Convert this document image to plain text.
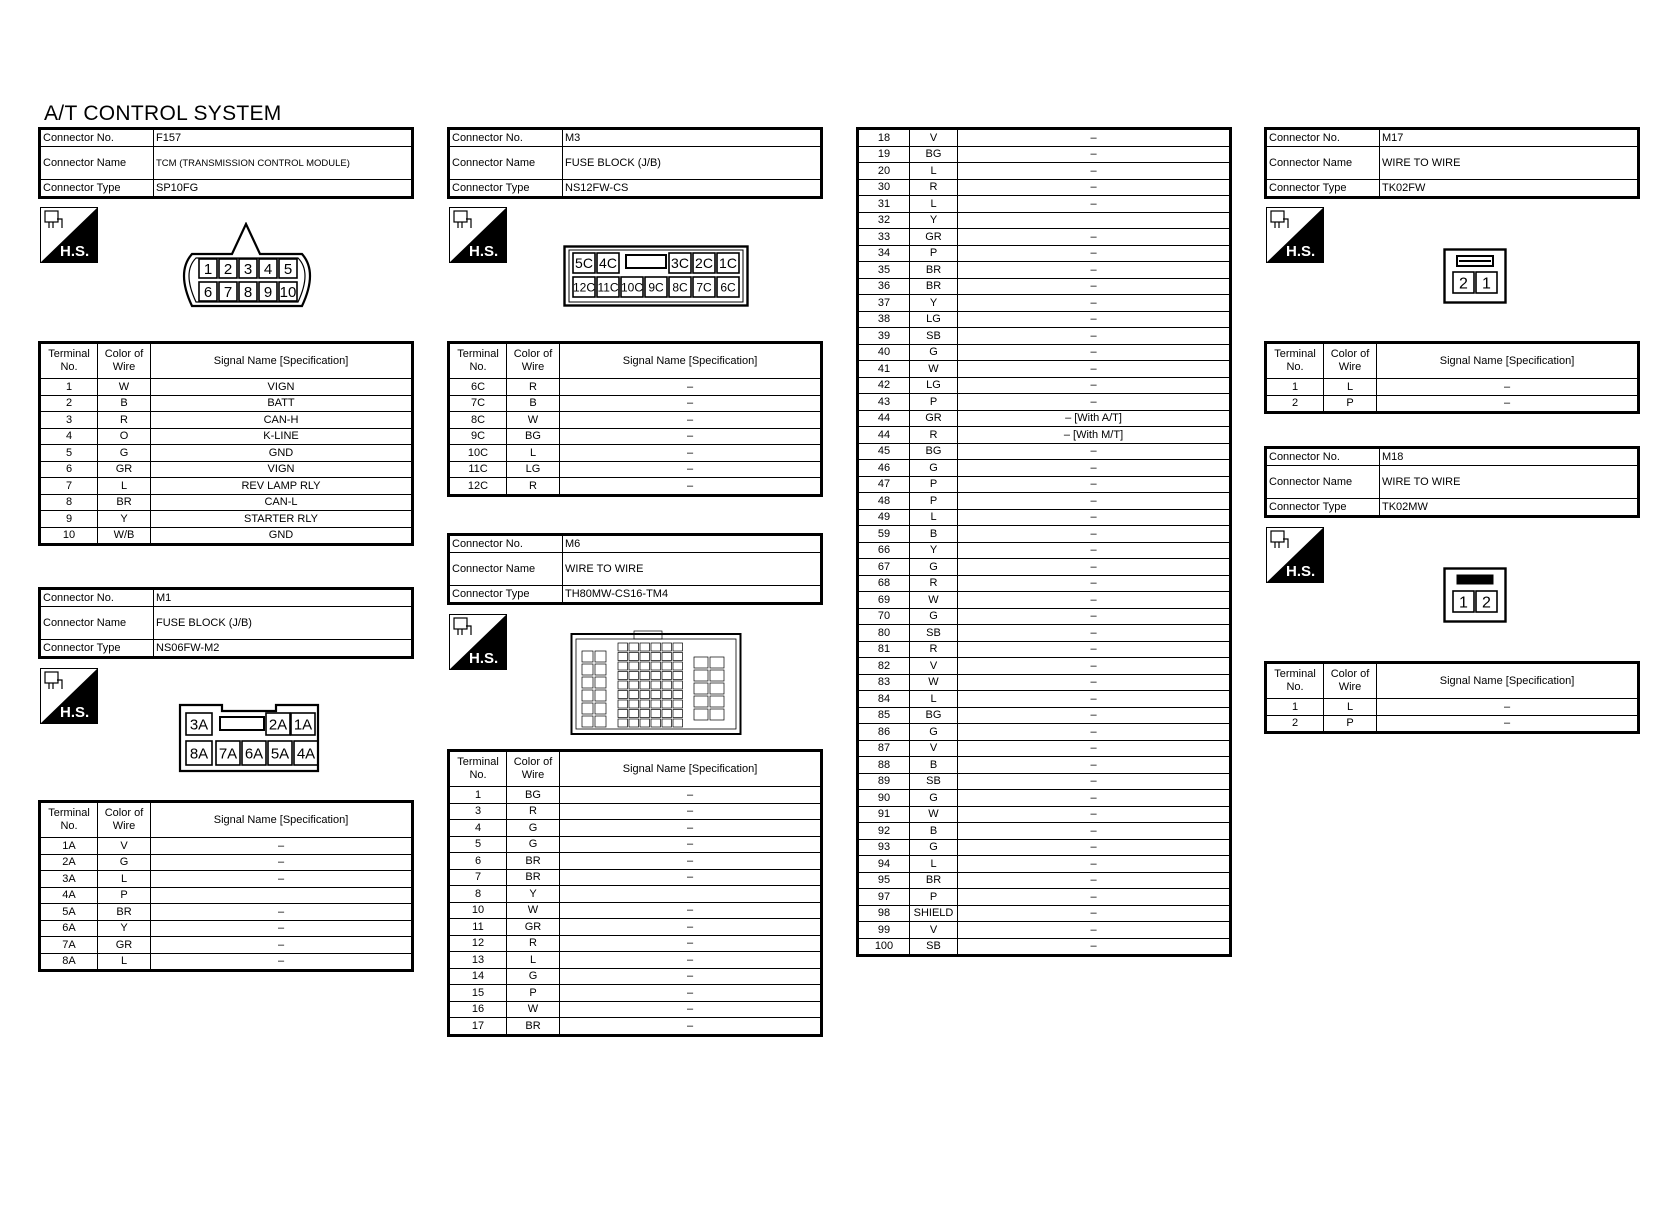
A/T CONTROL SYSTEM
Connector No.	F157
Connector Name	TCM (TRANSMISSION CONTROL MODULE)
Connector Type	SP10FG
H.S.
1 2 3 4 5
6 7 8 9 10
Terminal No.	Color of Wire	Signal Name [Specification]
1	W	VIGN
2	B	BATT
3	R	CAN-H
4	O	K-LINE
5	G	GND
6	GR	VIGN
7	L	REV LAMP RLY
8	BR	CAN-L
9	Y	STARTER RLY
10	W/B	GND
Connector No.	M1
Connector Name	FUSE BLOCK (J/B)
Connector Type	NS06FW-M2
H.S.
3A	2A 1A
8A 7A 6A 5A 4A
Terminal No.	Color of Wire	Signal Name [Specification]
1A	V	–
2A	G	–
3A	L	–
4A	P	
5A	BR	–
6A	Y	–
7A	GR	–
8A	L	–
Connector No.	M3
Connector Name	FUSE BLOCK (J/B)
Connector Type	NS12FW-CS
H.S.
5C 4C	3C 2C 1C
12C 11C 10C 9C 8C 7C 6C
Terminal No.	Color of Wire	Signal Name [Specification]
6C	R	–
7C	B	–
8C	W	–
9C	BG	–
10C	L	–
11C	LG	–
12C	R	–
Connector No.	M6
Connector Name	WIRE TO WIRE
Connector Type	TH80MW-CS16-TM4
H.S.
Terminal No.	Color of Wire	Signal Name [Specification]
1	BG	–
3	R	–
4	G	–
5	G	–
6	BR	–
7	BR	–
8	Y	
10	W	–
11	GR	–
12	R	–
13	L	–
14	G	–
15	P	–
16	W	–
17	BR	–
18	V	–
19	BG	–
20	L	–
30	R	–
31	L	–
32	Y	
33	GR	–
34	P	–
35	BR	–
36	BR	–
37	Y	–
38	LG	–
39	SB	–
40	G	–
41	W	–
42	LG	–
43	P	–
44	GR	– [With A/T]
44	R	– [With M/T]
45	BG	–
46	G	–
47	P	–
48	P	–
49	L	–
59	B	–
66	Y	–
67	G	–
68	R	–
69	W	–
70	G	–
80	SB	–
81	R	–
82	V	–
83	W	–
84	L	–
85	BG	–
86	G	–
87	V	–
88	B	–
89	SB	–
90	G	–
91	W	–
92	B	–
93	G	–
94	L	–
95	BR	–
97	P	–
98	SHIELD	–
99	V	–
100	SB	–
Connector No.	M17
Connector Name	WIRE TO WIRE
Connector Type	TK02FW
H.S.
2 1
Terminal No.	Color of Wire	Signal Name [Specification]
1	L	–
2	P	–
Connector No.	M18
Connector Name	WIRE TO WIRE
Connector Type	TK02MW
H.S.
1 2
Terminal No.	Color of Wire	Signal Name [Specification]
1	L	–
2	P	–
